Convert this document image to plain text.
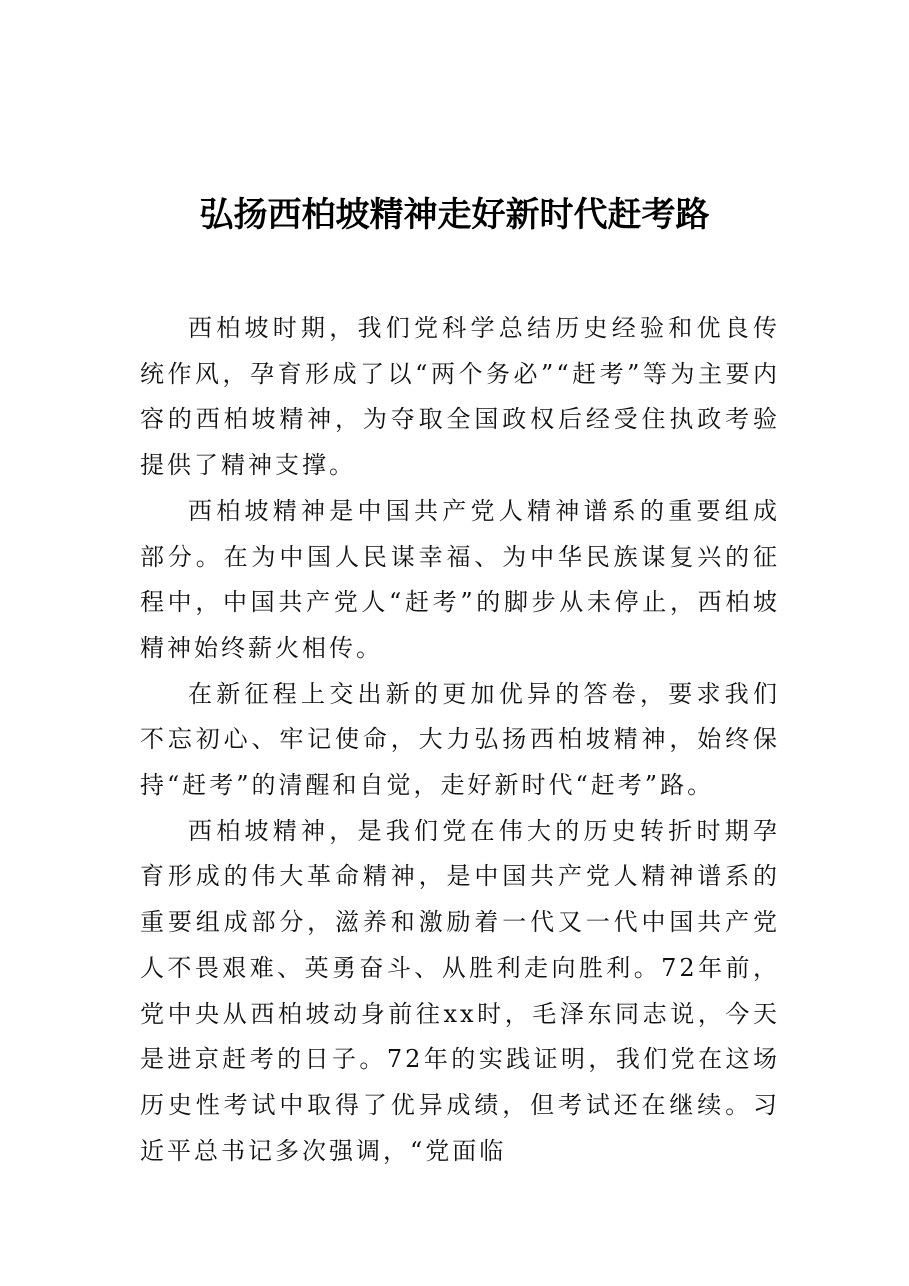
弘扬西柏坡精神走好新时代赶考路

西柏坡时期，我们党科学总结历史经验和优良传统作风，孕育形成了以“两个务必”“赶考”等为主要内容的西柏坡精神，为夺取全国政权后经受住执政考验提供了精神支撑。

西柏坡精神是中国共产党人精神谱系的重要组成部分。在为中国人民谋幸福、为中华民族谋复兴的征程中，中国共产党人“赶考”的脚步从未停止，西柏坡精神始终薪火相传。

在新征程上交出新的更加优异的答卷，要求我们不忘初心、牢记使命，大力弘扬西柏坡精神，始终保持“赶考”的清醒和自觉，走好新时代“赶考”路。

西柏坡精神，是我们党在伟大的历史转折时期孕育形成的伟大革命精神，是中国共产党人精神谱系的重要组成部分，滋养和激励着一代又一代中国共产党人不畏艰难、英勇奋斗、从胜利走向胜利。72年前，党中央从西柏坡动身前往xx时，毛泽东同志说，今天是进京赶考的日子。72年的实践证明，我们党在这场历史性考试中取得了优异成绩，但考试还在继续。习近平总书记多次强调，“党面临
